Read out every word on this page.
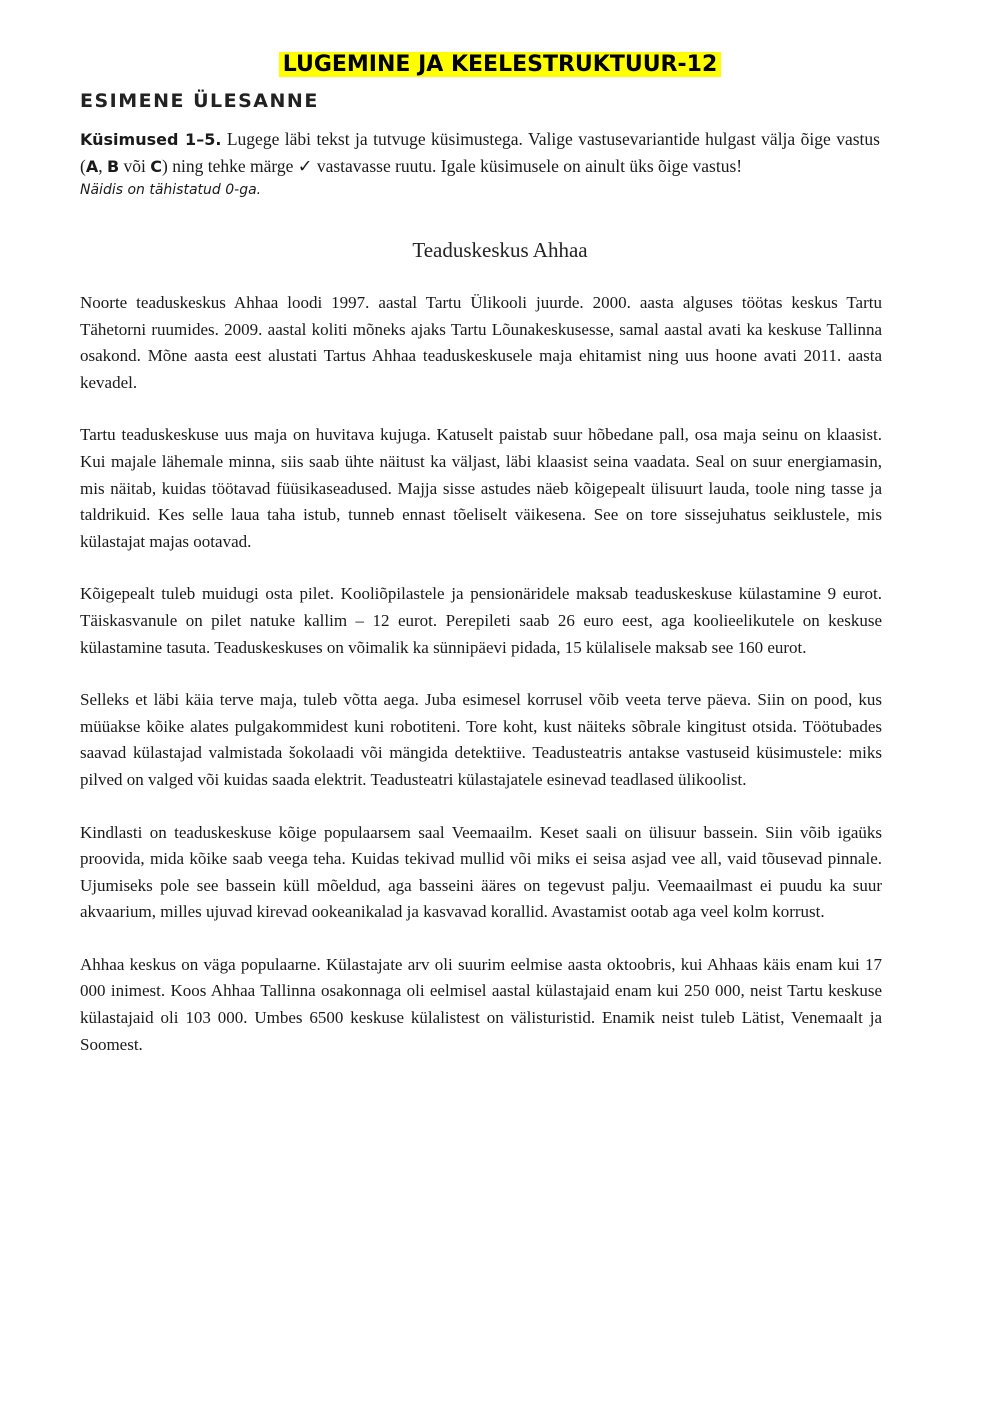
LUGEMINE JA KEELESTRUKTUUR-12
ESIMENE ÜLESANNE
Küsimused 1–5. Lugege läbi tekst ja tutvuge küsimustega. Valige vastusevariantide hulgast välja õige vastus (A, B või C) ning tehke märge ✓ vastavasse ruutu. Igale küsimusele on ainult üks õige vastus!
Näidis on tähistatud 0-ga.
Teaduskeskus Ahhaa

Noorte teaduskeskus Ahhaa loodi 1997. aastal Tartu Ülikooli juurde. 2000. aasta alguses töötas keskus Tartu Tähetorni ruumides. 2009. aastal koliti mõneks ajaks Tartu Lõunakeskusesse, samal aastal avati ka keskuse Tallinna osakond. Mõne aasta eest alustati Tartus Ahhaa teaduskeskusele maja ehitamist ning uus hoone avati 2011. aasta kevadel.

Tartu teaduskeskuse uus maja on huvitava kujuga. Katuselt paistab suur hõbedane pall, osa maja seinu on klaasist. Kui majale lähemale minna, siis saab ühte näitust ka väljast, läbi klaasist seina vaadata. Seal on suur energiamasin, mis näitab, kuidas töötavad füüsikaseadused. Majja sisse astudes näeb kõigepealt ülisuurt lauda, toole ning tasse ja taldrikuid. Kes selle laua taha istub, tunneb ennast tõeliselt väikesena. See on tore sissejuhatus seiklustele, mis külastajat majas ootavad.

Kõigepealt tuleb muidugi osta pilet. Kooliõpilastele ja pensionäridele maksab teaduskeskuse külastamine 9 eurot. Täiskasvanule on pilet natuke kallim – 12 eurot. Perepileti saab 26 euro eest, aga koolieelikutele on keskuse külastamine tasuta. Teaduskeskuses on võimalik ka sünnipäevi pidada, 15 külalisele maksab see 160 eurot.

Selleks et läbi käia terve maja, tuleb võtta aega. Juba esimesel korrusel võib veeta terve päeva. Siin on pood, kus müüakse kõike alates pulgakommidest kuni robotiteni. Tore koht, kust näiteks sõbrale kingitust otsida. Töötubades saavad külastajad valmistada šokolaadi või mängida detektiive. Teadusteatris antakse vastuseid küsimustele: miks pilved on valged või kuidas saada elektrit. Teadusteatri külastajatele esinevad teadlased ülikoolist.

Kindlasti on teaduskeskuse kõige populaarsem saal Veemaailm. Keset saali on ülisuur bassein. Siin võib igaüks proovida, mida kõike saab veega teha. Kuidas tekivad mullid või miks ei seisa asjad vee all, vaid tõusevad pinnale. Ujumiseks pole see bassein küll mõeldud, aga basseini ääres on tegevust palju. Veemaailmast ei puudu ka suur akvaarium, milles ujuvad kirevad ookeanikalad ja kasvavad korallid. Avastamist ootab aga veel kolm korrust.

Ahhaa keskus on väga populaarne. Külastajate arv oli suurim eelmise aasta oktoobris, kui Ahhaas käis enam kui 17 000 inimest. Koos Ahhaa Tallinna osakonnaga oli eelmisel aastal külastajaid enam kui 250 000, neist Tartu keskuse külastajaid oli 103 000. Umbes 6500 keskuse külalistest on välisturistid. Enamik neist tuleb Lätist, Venemaalt ja Soomest.
